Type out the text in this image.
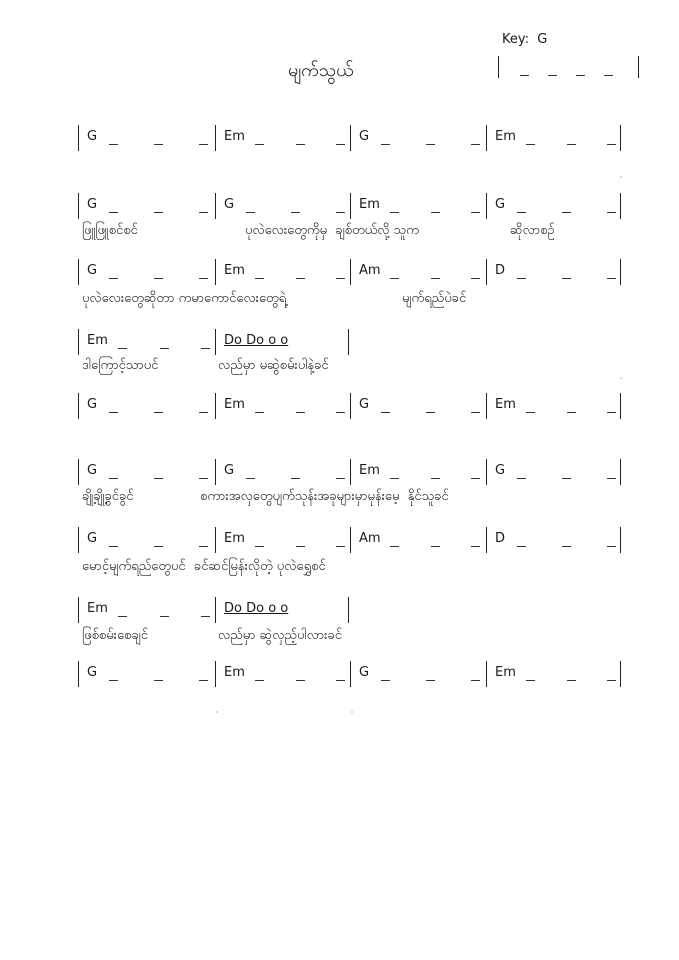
Key:  G
မျက်သွယ်

G	Em	G	Em
G	G	Em	G
ဖြူဖြူစင်စင်	ပုလဲလေးတွေကိုမှ  ချစ်တယ်လို့ သူက	ဆိုလာစဉ်
G	Em	Am	D
ပုလဲလေးတွေဆိုတာ ကမာကောင်လေးတွေရဲ့	မျက်ရည်ပဲခင်
Em	Do Do o o
ဒါကြောင့်သာပင်	လည်မှာ မဆွဲစမ်းပါနဲ့ခင်
G	Em	G	Em
G	G	Em	G
ချို့ချို့ခွင်ခွင်	စကားအလှတွေပျက်သုန်းအခုများမှာမုန်းမေ့  နိုင်သူခင်
G	Em	Am	D
မောင့်မျက်ရည်တွေပင်  ခင်ဆင်မြန်းလိုတဲ့ ပုလဲရွှေစင်
Em	Do Do o o
ဖြစ်စမ်းစေချင်	လည်မှာ ဆွဲလှည့်ပါလားခင်
G	Em	G	Em
